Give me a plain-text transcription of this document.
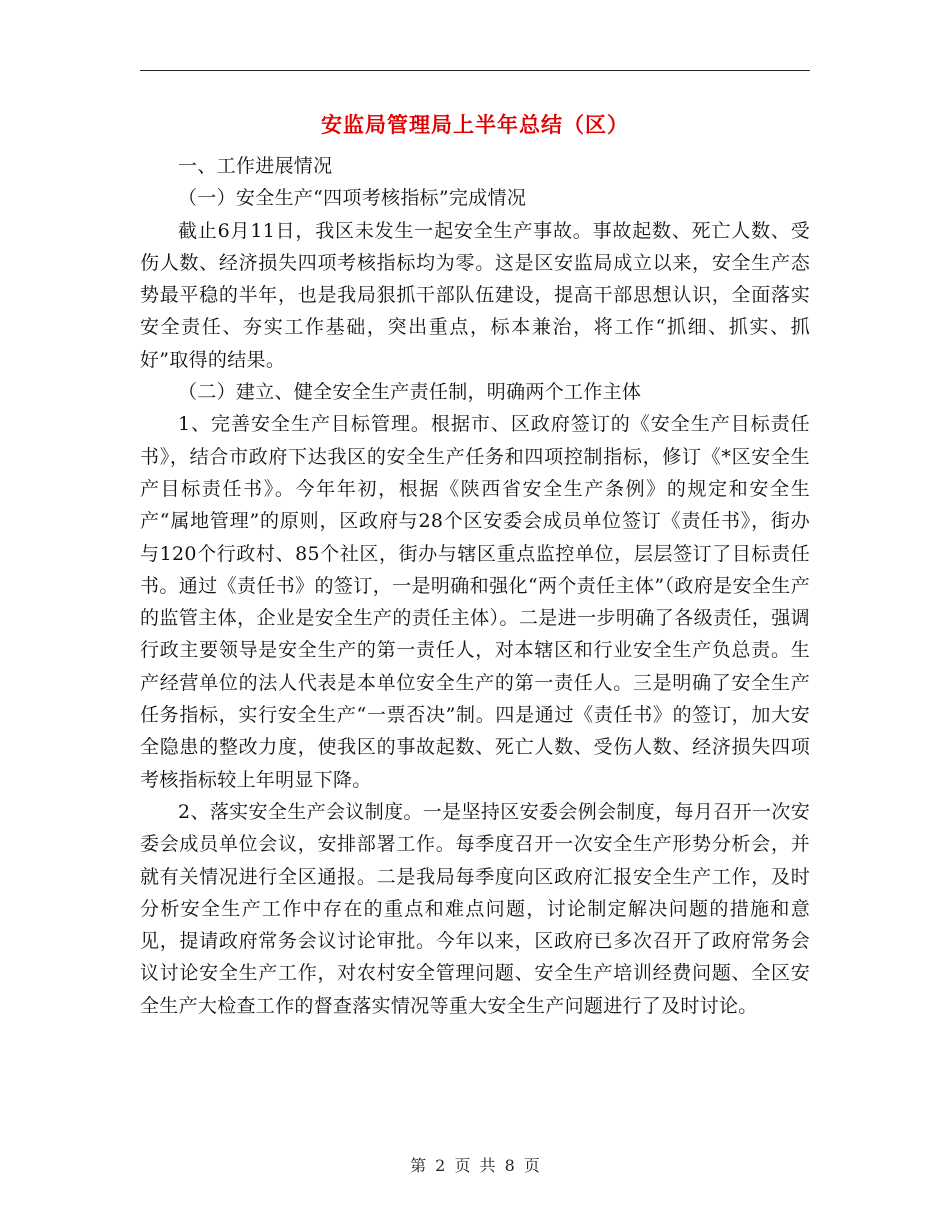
安监局管理局上半年总结（区）

一、工作进展情况

（一）安全生产“四项考核指标”完成情况

截止6月11日，我区未发生一起安全生产事故。事故起数、死亡人数、受伤人数、经济损失四项考核指标均为零。这是区安监局成立以来，安全生产态势最平稳的半年，也是我局狠抓干部队伍建设，提高干部思想认识，全面落实安全责任、夯实工作基础，突出重点，标本兼治，将工作“抓细、抓实、抓好”取得的结果。

（二）建立、健全安全生产责任制，明确两个工作主体

1、完善安全生产目标管理。根据市、区政府签订的《安全生产目标责任书》，结合市政府下达我区的安全生产任务和四项控制指标，修订《*区安全生产目标责任书》。今年年初，根据《陕西省安全生产条例》的规定和安全生产“属地管理”的原则，区政府与28个区安委会成员单位签订《责任书》，街办与120个行政村、85个社区，街办与辖区重点监控单位，层层签订了目标责任书。通过《责任书》的签订，一是明确和强化“两个责任主体”（政府是安全生产的监管主体，企业是安全生产的责任主体）。二是进一步明确了各级责任，强调行政主要领导是安全生产的第一责任人，对本辖区和行业安全生产负总责。生产经营单位的法人代表是本单位安全生产的第一责任人。三是明确了安全生产任务指标，实行安全生产“一票否决”制。四是通过《责任书》的签订，加大安全隐患的整改力度，使我区的事故起数、死亡人数、受伤人数、经济损失四项考核指标较上年明显下降。

2、落实安全生产会议制度。一是坚持区安委会例会制度，每月召开一次安委会成员单位会议，安排部署工作。每季度召开一次安全生产形势分析会，并就有关情况进行全区通报。二是我局每季度向区政府汇报安全生产工作，及时分析安全生产工作中存在的重点和难点问题，讨论制定解决问题的措施和意见，提请政府常务会议讨论审批。今年以来，区政府已多次召开了政府常务会议讨论安全生产工作，对农村安全管理问题、安全生产培训经费问题、全区安全生产大检查工作的督查落实情况等重大安全生产问题进行了及时讨论。

第 2 页 共 8 页
